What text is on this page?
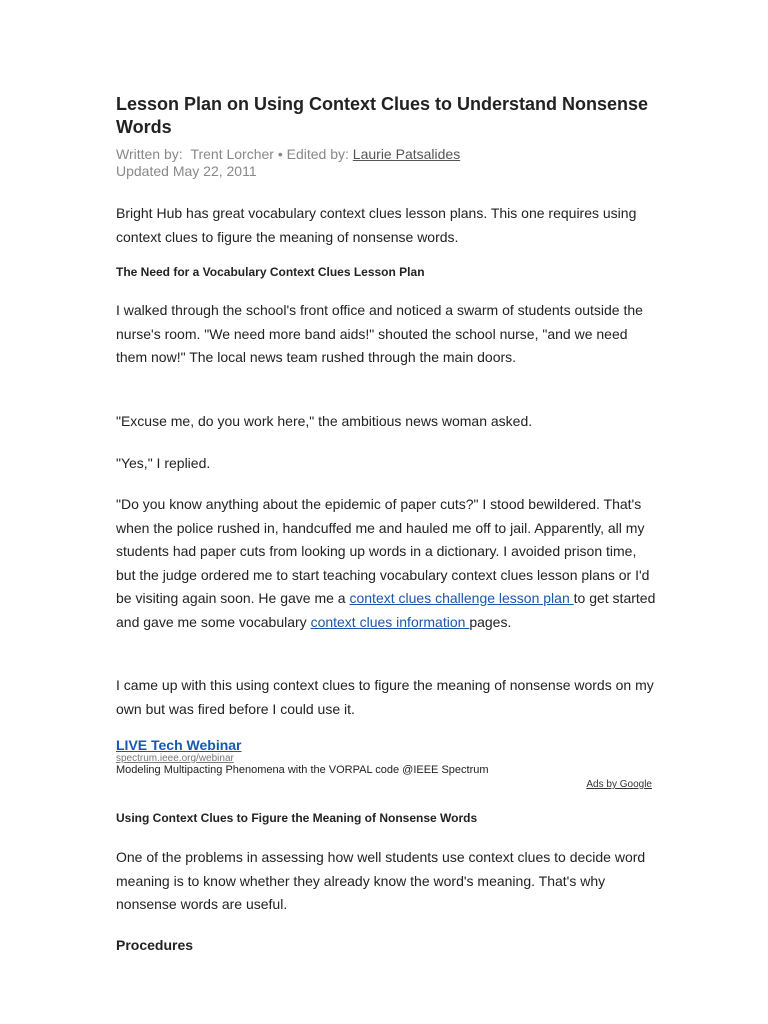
Lesson Plan on Using Context Clues to Understand Nonsense Words
Written by: Trent Lorcher • Edited by: Laurie Patsalides
Updated May 22, 2011

Bright Hub has great vocabulary context clues lesson plans. This one requires using context clues to figure the meaning of nonsense words.

The Need for a Vocabulary Context Clues Lesson Plan

I walked through the school's front office and noticed a swarm of students outside the nurse's room. "We need more band aids!" shouted the school nurse, "and we need them now!" The local news team rushed through the main doors.

"Excuse me, do you work here," the ambitious news woman asked.

"Yes," I replied.

"Do you know anything about the epidemic of paper cuts?" I stood bewildered. That's when the police rushed in, handcuffed me and hauled me off to jail. Apparently, all my students had paper cuts from looking up words in a dictionary. I avoided prison time, but the judge ordered me to start teaching vocabulary context clues lesson plans or I'd be visiting again soon. He gave me a context clues challenge lesson plan to get started and gave me some vocabulary context clues information pages.

I came up with this using context clues to figure the meaning of nonsense words on my own but was fired before I could use it.

LIVE Tech Webinar
spectrum.ieee.org/webinar
Modeling Multipacting Phenomena with the VORPAL code @IEEE Spectrum
Ads by Google
Using Context Clues to Figure the Meaning of Nonsense Words

One of the problems in assessing how well students use context clues to decide word meaning is to know whether they already know the word's meaning. That's why nonsense words are useful.

Procedures
